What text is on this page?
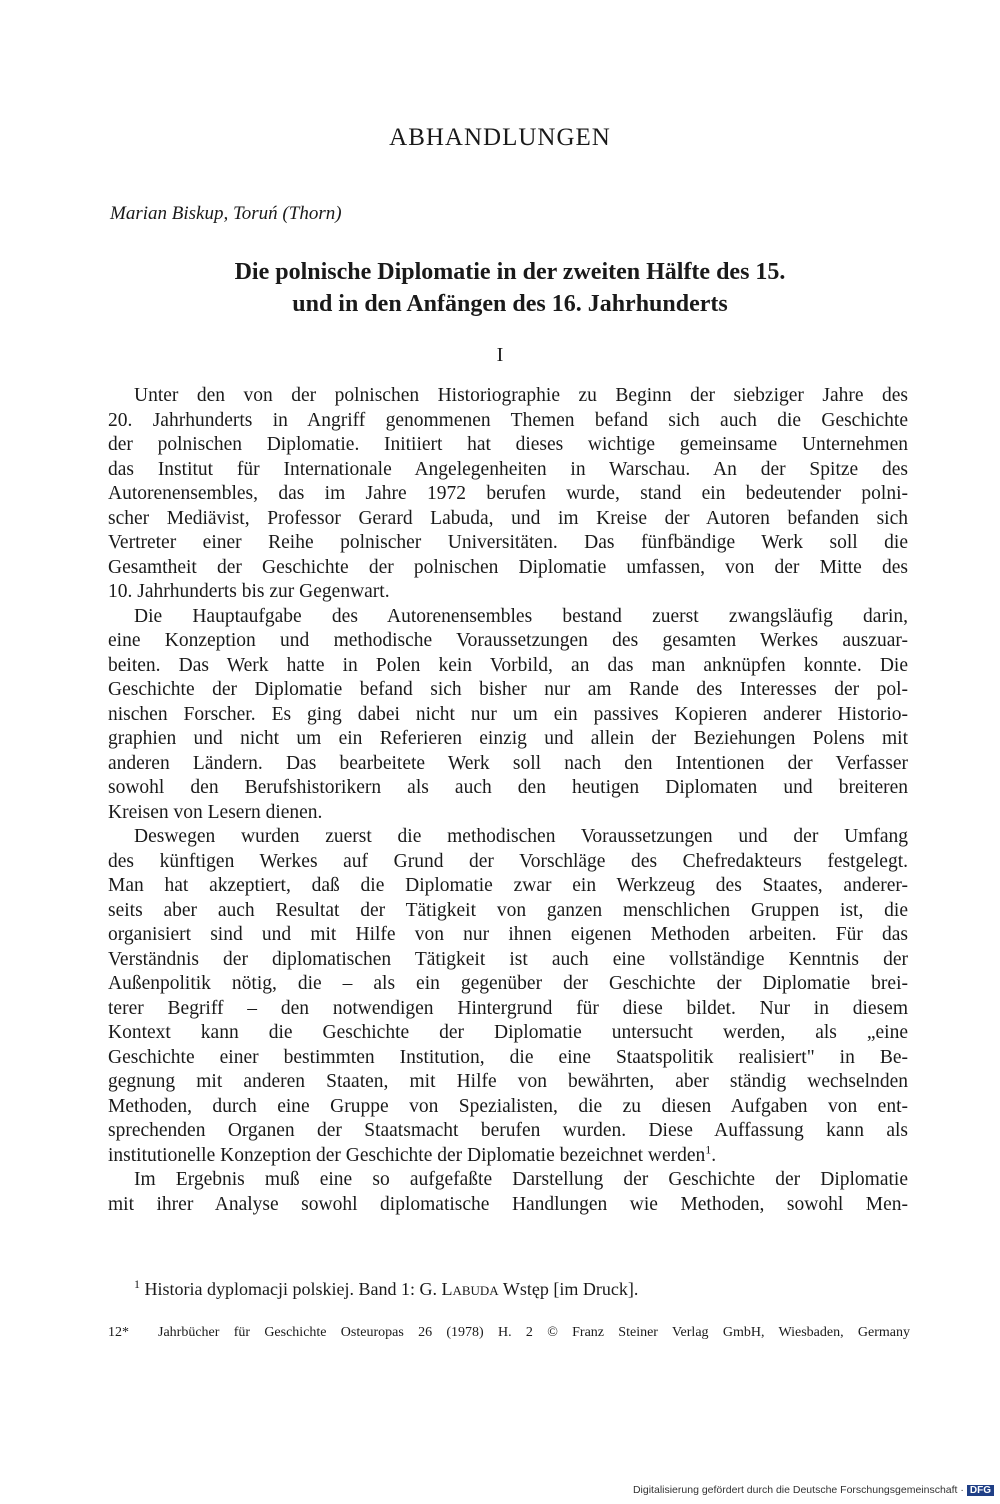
ABHANDLUNGEN
Marian Biskup, Toruń (Thorn)
Die polnische Diplomatie in der zweiten Hälfte des 15.
und in den Anfängen des 16. Jahrhunderts
I
Unter den von der polnischen Historiographie zu Beginn der siebziger Jahre des
20. Jahrhunderts in Angriff genommenen Themen befand sich auch die Geschichte
der polnischen Diplomatie. Initiiert hat dieses wichtige gemeinsame Unternehmen
das Institut für Internationale Angelegenheiten in Warschau. An der Spitze des
Autorenensembles, das im Jahre 1972 berufen wurde, stand ein bedeutender polni-
scher Mediävist, Professor Gerard Labuda, und im Kreise der Autoren befanden sich
Vertreter einer Reihe polnischer Universitäten. Das fünfbändige Werk soll die
Gesamtheit der Geschichte der polnischen Diplomatie umfassen, von der Mitte des
10. Jahrhunderts bis zur Gegenwart.
Die Hauptaufgabe des Autorenensembles bestand zuerst zwangsläufig darin,
eine Konzeption und methodische Voraussetzungen des gesamten Werkes auszuar-
beiten. Das Werk hatte in Polen kein Vorbild, an das man anknüpfen konnte. Die
Geschichte der Diplomatie befand sich bisher nur am Rande des Interesses der pol-
nischen Forscher. Es ging dabei nicht nur um ein passives Kopieren anderer Historio-
graphien und nicht um ein Referieren einzig und allein der Beziehungen Polens mit
anderen Ländern. Das bearbeitete Werk soll nach den Intentionen der Verfasser
sowohl den Berufshistorikern als auch den heutigen Diplomaten und breiteren
Kreisen von Lesern dienen.
Deswegen wurden zuerst die methodischen Voraussetzungen und der Umfang
des künftigen Werkes auf Grund der Vorschläge des Chefredakteurs festgelegt.
Man hat akzeptiert, daß die Diplomatie zwar ein Werkzeug des Staates, anderer-
seits aber auch Resultat der Tätigkeit von ganzen menschlichen Gruppen ist, die
organisiert sind und mit Hilfe von nur ihnen eigenen Methoden arbeiten. Für das
Verständnis der diplomatischen Tätigkeit ist auch eine vollständige Kenntnis der
Außenpolitik nötig, die – als ein gegenüber der Geschichte der Diplomatie brei-
terer Begriff – den notwendigen Hintergrund für diese bildet. Nur in diesem
Kontext kann die Geschichte der Diplomatie untersucht werden, als „eine
Geschichte einer bestimmten Institution, die eine Staatspolitik realisiert" in Be-
gegnung mit anderen Staaten, mit Hilfe von bewährten, aber ständig wechselnden
Methoden, durch eine Gruppe von Spezialisten, die zu diesen Aufgaben von ent-
sprechenden Organen der Staatsmacht berufen wurden. Diese Auffassung kann als
institutionelle Konzeption der Geschichte der Diplomatie bezeichnet werden$^1$.
Im Ergebnis muß eine so aufgefaßte Darstellung der Geschichte der Diplomatie
mit ihrer Analyse sowohl diplomatische Handlungen wie Methoden, sowohl Men-
$^1$ Historia dyplomacji polskiej. Band 1: G. Labuda Wstęp [im Druck].
12*	Jahrbücher für Geschichte Osteuropas 26 (1978) H. 2 © Franz Steiner Verlag GmbH, Wiesbaden, Germany
Digitalisierung gefördert durch die Deutsche Forschungsgemeinschaft · DFG
